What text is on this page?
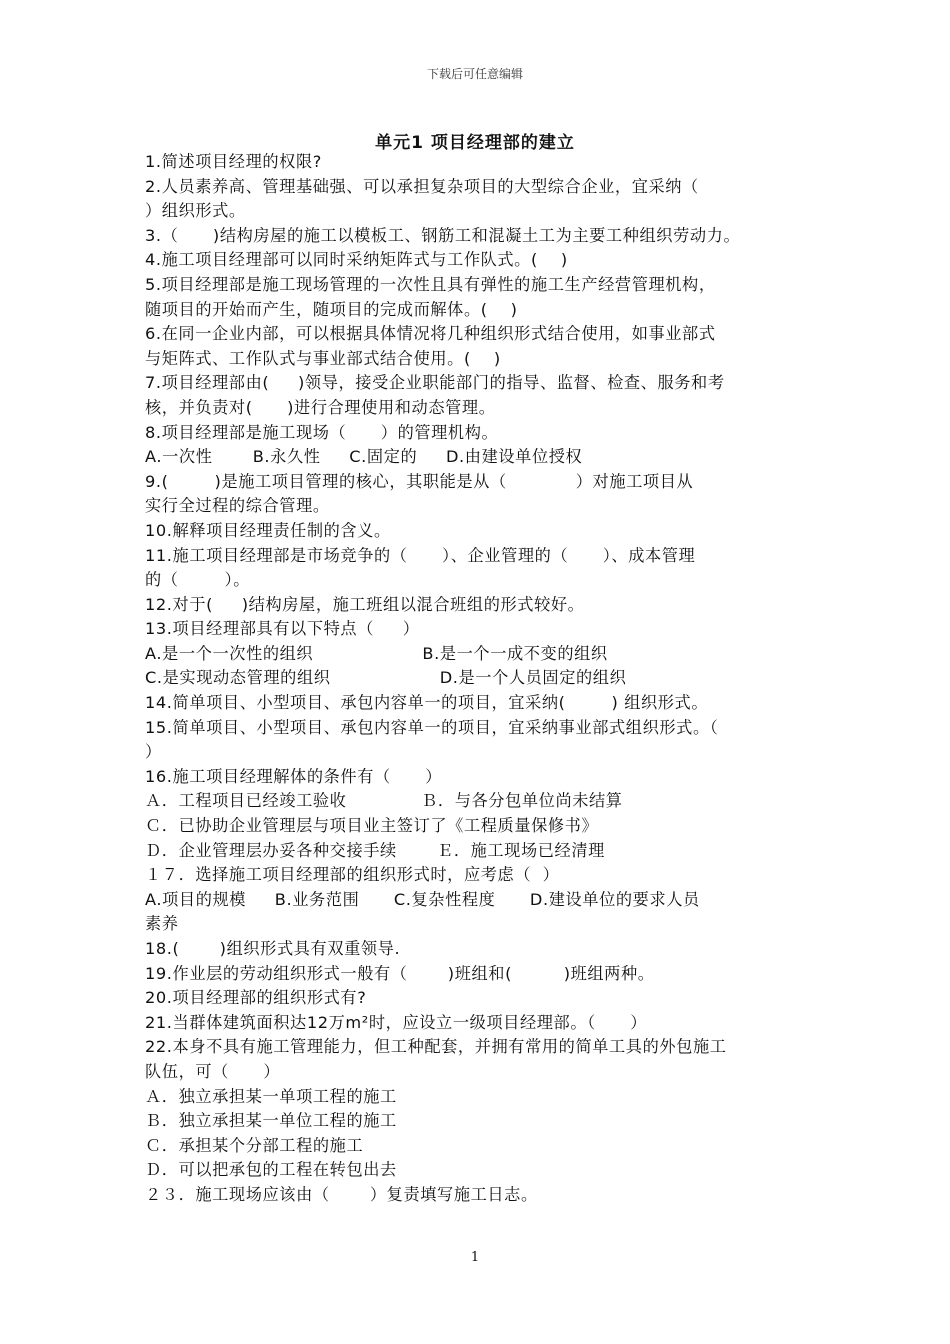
下载后可任意编辑
单元1 项目经理部的建立
1.简述项目经理的权限?
2.人员素养高、管理基础强、可以承担复杂项目的大型综合企业，宜采纳（
）组织形式。
3.（      )结构房屋的施工以模板工、钢筋工和混凝土工为主要工种组织劳动力。
4.施工项目经理部可以同时采纳矩阵式与工作队式。(    )
5.项目经理部是施工现场管理的一次性且具有弹性的施工生产经营管理机构，
随项目的开始而产生，随项目的完成而解体。(    )
6.在同一企业内部，可以根据具体情况将几种组织形式结合使用，如事业部式
与矩阵式、工作队式与事业部式结合使用。(    )
7.项目经理部由(     )领导，接受企业职能部门的指导、监督、检查、服务和考
核，并负责对(      )进行合理使用和动态管理。
8.项目经理部是施工现场（      ）的管理机构。
A.一次性       B.永久性     C.固定的     D.由建设单位授权
9.(        )是施工项目管理的核心，其职能是从（            ）对施工项目从
实行全过程的综合管理。
10.解释项目经理责任制的含义。
11.施工项目经理部是市场竞争的（      ）、企业管理的（      ）、成本管理
的（        ）。
12.对于(     )结构房屋，施工班组以混合班组的形式较好。
13.项目经理部具有以下特点（     ）
A.是一个一次性的组织                   B.是一个一成不变的组织
C.是实现动态管理的组织                   D.是一个人员固定的组织
14.简单项目、小型项目、承包内容单一的项目，宜采纳(        ) 组织形式。
15.简单项目、小型项目、承包内容单一的项目，宜采纳事业部式组织形式。（
）
16.施工项目经理解体的条件有（      ）
Ａ．工程项目已经竣工验收             Ｂ．与各分包单位尚未结算
Ｃ．已协助企业管理层与项目业主签订了《工程质量保修书》
Ｄ．企业管理层办妥各种交接手续       Ｅ．施工现场已经清理
１７．选择施工项目经理部的组织形式时，应考虑（  ）
A.项目的规模     B.业务范围      C.复杂性程度      D.建设单位的要求人员
素养
18.(       )组织形式具有双重领导.
19.作业层的劳动组织形式一般有（       )班组和(         )班组两种。
20.项目经理部的组织形式有?
21.当群体建筑面积达12万m²时，应设立一级项目经理部。（      ）
22.本身不具有施工管理能力，但工种配套，并拥有常用的简单工具的外包施工
队伍，可（      ）
Ａ．独立承担某一单项工程的施工
Ｂ．独立承担某一单位工程的施工
Ｃ．承担某个分部工程的施工
Ｄ．可以把承包的工程在转包出去
２３．施工现场应该由（       ）复责填写施工日志。
1
